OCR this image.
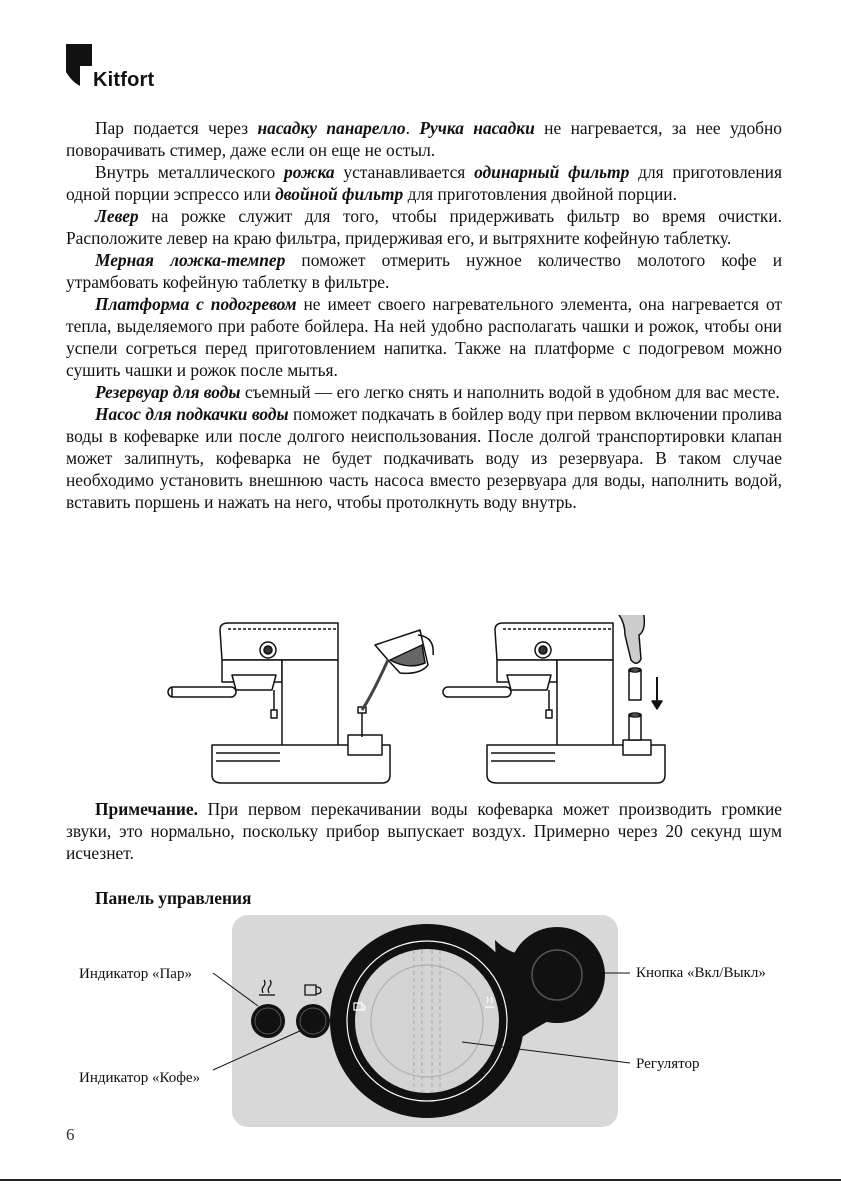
Kitfort

Пар подается через насадку панарелло. Ручка насадки не нагревается, за нее удобно поворачивать стимер, даже если он еще не остыл.

Внутрь металлического рожка устанавливается одинарный фильтр для приготовления одной порции эспрессо или двойной фильтр для приготовления двойной порции.

Левер на рожке служит для того, чтобы придерживать фильтр во время очистки. Расположите левер на краю фильтра, придерживая его, и вытряхните кофейную таблетку.

Мерная ложка-темпер поможет отмерить нужное количество молотого кофе и утрамбовать кофейную таблетку в фильтре.

Платформа с подогревом не имеет своего нагревательного элемента, она нагревается от тепла, выделяемого при работе бойлера. На ней удобно располагать чашки и рожок, чтобы они успели согреться перед приготовлением напитка. Также на платформе с подогревом можно сушить чашки и рожок после мытья.

Резервуар для воды съемный — его легко снять и наполнить водой в удобном для вас месте.

Насос для подкачки воды поможет подкачать в бойлер воду при первом включении пролива воды в кофеварке или после долгого неиспользования. После долгой транспортировки клапан может залипнуть, кофеварка не будет подкачивать воду из резервуара. В таком случае необходимо установить внешнюю часть насоса вместо резервуара для воды, наполнить водой, вставить поршень и нажать на него, чтобы протолкнуть воду внутрь.

Примечание. При первом перекачивании воды кофеварка может производить громкие звуки, это нормально, поскольку прибор выпускает воздух. Примерно через 20 секунд шум исчезнет.

Панель управления

Индикатор «Пар»

Индикатор «Кофе»

Кнопка «Вкл/Выкл»

Регулятор

6
